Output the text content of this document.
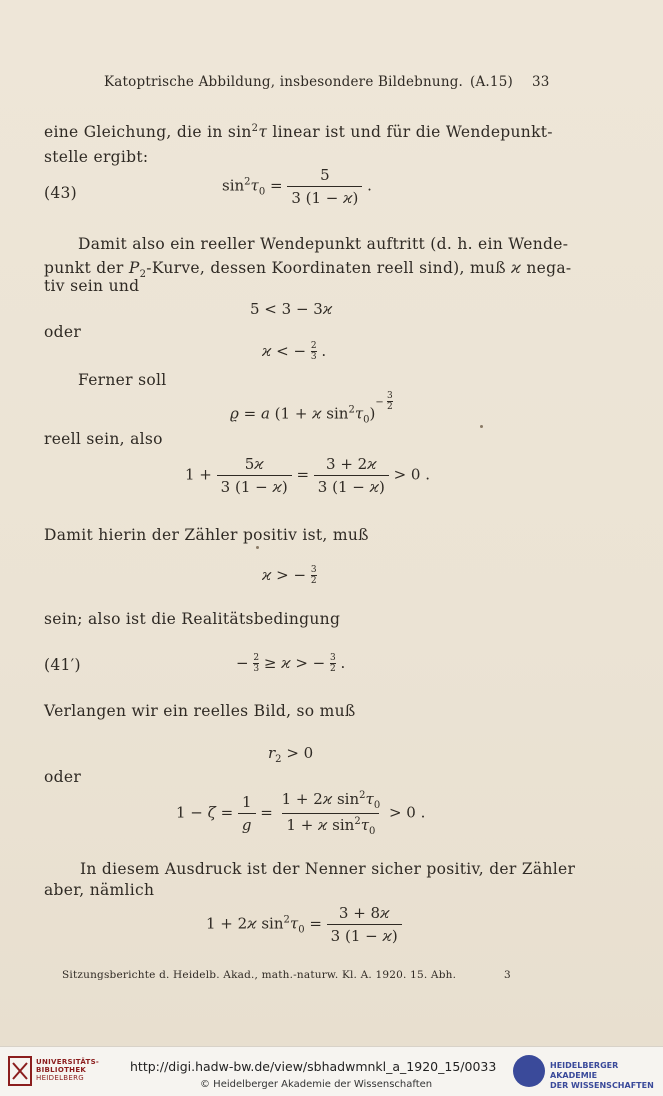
Katoptrische Abbildung, insbesondere Bildebnung. (A.15) 33
eine Gleichung, die in $\sin^2\tau$ linear ist und für die Wendepunkt-
stelle ergibt:
(43)	$\sin^2\tau_0 = \frac{5}{3 (1 - ϰ)}$ .
Damit also ein reeller Wendepunkt auftritt (d. h. ein Wende-
punkt der $P_2$-Kurve, dessen Koordinaten reell sind), muß ϰ nega-
tiv sein und
5 < 3 − 3ϰ
oder
ϰ < − $\frac{2}{3}$ .
Ferner soll
ϱ = a (1 + ϰ $\sin^2\tau_0)^{- \frac{3}{2}}$
reell sein, also
$1 + \frac{5ϰ}{3 (1 - ϰ)} = \frac{3 + 2ϰ}{3 (1 - ϰ)} > 0$ .
Damit hierin der Zähler positiv ist, muß
ϰ > − $\frac{3}{2}$
sein; also ist die Realitätsbedingung
(41′)	− $\frac{2}{3} \ge ϰ$ > − $\frac{3}{2}$ .
Verlangen wir ein reelles Bild, so muß
$r_2 > 0$
oder
$1 - \zeta = \frac{1}{g} = \frac{1 + 2ϰ \sin^2\tau_0}{1 + ϰ \sin^2\tau_0} > 0$ .
In diesem Ausdruck ist der Nenner sicher positiv, der Zähler
aber, nämlich
1 + 2ϰ $\sin^2\tau_0 = \frac{3 + 8ϰ}{3 (1 - ϰ)}$
Sitzungsberichte d. Heidelb. Akad., math.-naturw. Kl. A. 1920. 15. Abh.	3
UNIVERSITÄTS-
BIBLIOTHEK
HEIDELBERG
http://digi.hadw-bw.de/view/sbhadwmnkl_a_1920_15/0033
© Heidelberger Akademie der Wissenschaften
HEIDELBERGER AKADEMIE
DER WISSENSCHAFTEN
